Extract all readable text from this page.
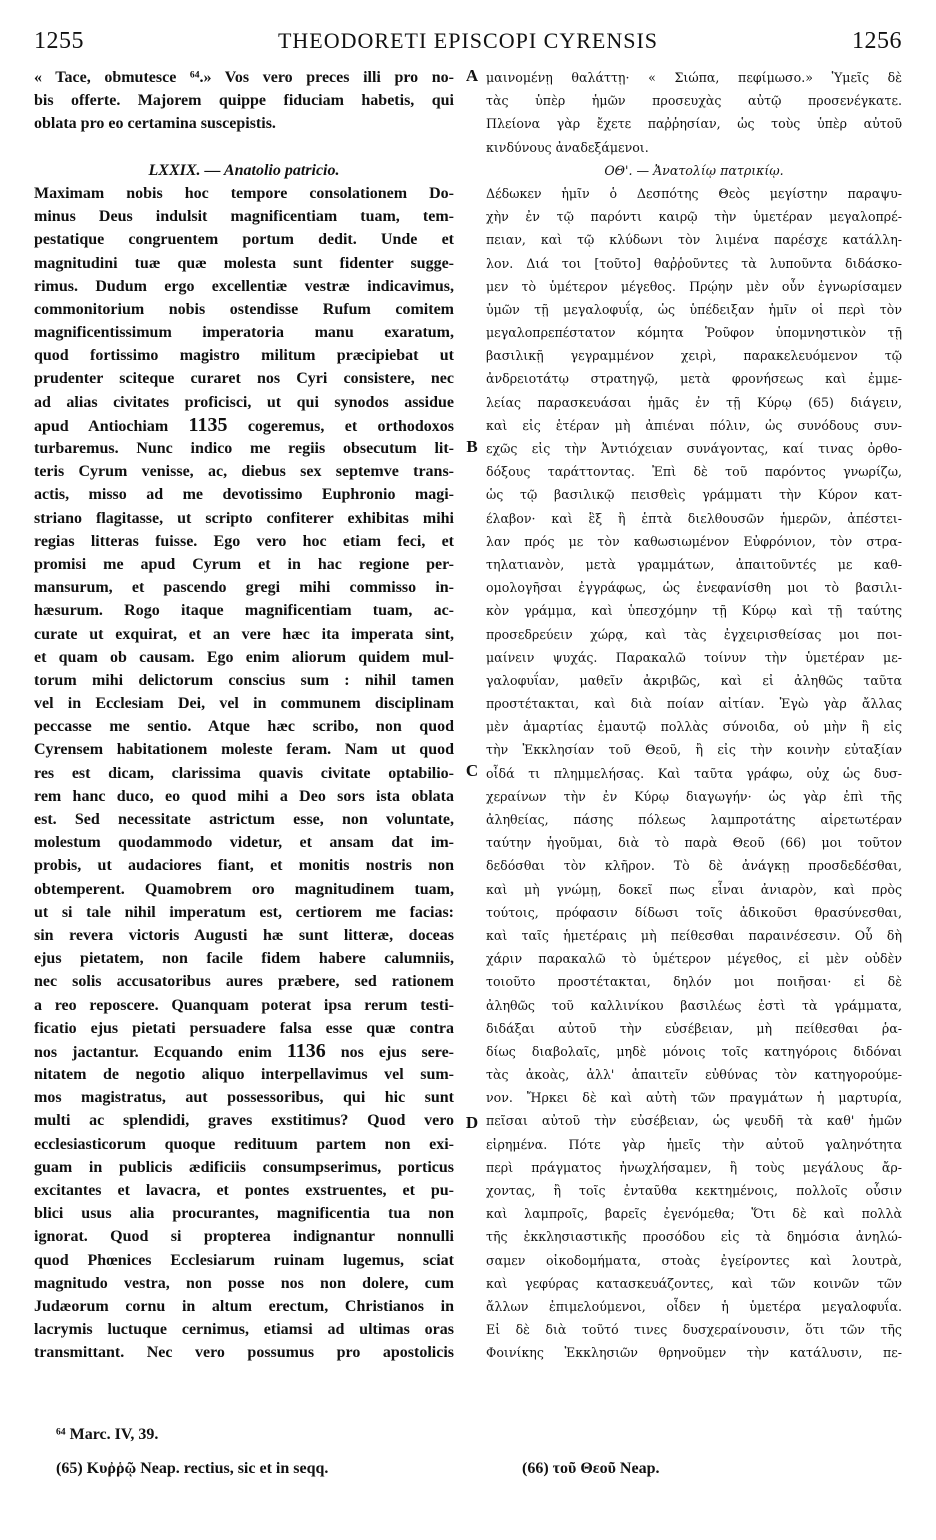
1255	THEODORETI EPISCOPI CYRENSIS	1256
« Tace, obmutesce ⁶⁴.» Vos vero preces illi pro no-
bis offerte. Majorem quippe fiduciam habetis, qui
oblata pro eo certamina suscepistis.
LXXIX. — Anatolio patricio.
Maximam nobis hoc tempore consolationem Do-
minus Deus indulsit magnificentiam tuam, tem-
pestatique congruentem portum dedit. Unde et
magnitudini tuæ quæ molesta sunt fidenter sugge-
rimus. Dudum ergo excellentiæ vestræ indicavimus,
commonitorium nobis ostendisse Rufum comitem
magnificentissimum imperatoria manu exaratum,
quod fortissimo magistro militum præcipiebat ut
prudenter sciteque curaret nos Cyri consistere, nec
ad alias civitates proficisci, ut qui synodos assidue
apud Antiochiam 1135 cogeremus, et orthodoxos
turbaremus. Nunc indico me regiis obsecutum lit-
teris Cyrum venisse, ac, diebus sex septemve trans-
actis, misso ad me devotissimo Euphronio magi-
striano flagitasse, ut scripto confiterer exhibitas mihi
regias litteras fuisse. Ego vero hoc etiam feci, et
promisi me apud Cyrum et in hac regione per-
mansurum, et pascendo gregi mihi commisso in-
hæsurum. Rogo itaque magnificentiam tuam, ac-
curate ut exquirat, et an vere hæc ita imperata sint,
et quam ob causam. Ego enim aliorum quidem mul-
torum mihi delictorum conscius sum : nihil tamen
vel in Ecclesiam Dei, vel in communem disciplinam
peccasse me sentio. Atque hæc scribo, non quod
Cyrensem habitationem moleste feram. Nam ut quod
res est dicam, clarissima quavis civitate optabilio-
rem hanc duco, eo quod mihi a Deo sors ista oblata
est. Sed necessitate astrictum esse, non voluntate,
molestum quodammodo videtur, et ansam dat im-
probis, ut audaciores fiant, et monitis nostris non
obtemperent. Quamobrem oro magnitudinem tuam,
ut si tale nihil imperatum est, certiorem me facias:
sin revera victoris Augusti hæ sunt litteræ, doceas
ejus pietatem, non facile fidem habere calumniis,
nec solis accusatoribus aures præbere, sed rationem
a reo reposcere. Quanquam poterat ipsa rerum testi-
ficatio ejus pietati persuadere falsa esse quæ contra
nos jactantur. Ecquando enim 1136 nos ejus sere-
nitatem de negotio aliquo interpellavimus vel sum-
mos magistratus, aut possessoribus, qui hic sunt
multi ac splendidi, graves exstitimus? Quod vero
ecclesiasticorum quoque redituum partem non exi-
guam in publicis ædificiis consumpserimus, porticus
excitantes et lavacra, et pontes exstruentes, et pu-
blici usus alia procurantes, magnificentia tua non
ignorat. Quod si propterea indignantur nonnulli
quod Phœnices Ecclesiarum ruinam lugemus, sciat
magnitudo vestra, non posse nos non dolere, cum
Judæorum cornu in altum erectum, Christianos in
lacrymis luctuque cernimus, etiamsi ad ultimas oras
transmittant. Nec vero possumus pro apostolicis
μαινομένῃ θαλάττῃ· « Σιώπα, πεφίμωσο.» Ὑμεῖς δὲ
τὰς ὑπὲρ ἡμῶν προσευχὰς αὐτῷ προσενέγκατε.
Πλείονα γὰρ ἔχετε παῤῥησίαν, ὡς τοὺς ὑπὲρ αὐτοῦ
κινδύνους ἀναδεξάμενοι.
ΟΘ'. — Ἀνατολίῳ πατρικίῳ.
Δέδωκεν ἡμῖν ὁ Δεσπότης Θεὸς μεγίστην παραψυ-
χὴν ἐν τῷ παρόντι καιρῷ τὴν ὑμετέραν μεγαλοπρέ-
πειαν, καὶ τῷ κλύδωνι τὸν λιμένα παρέσχε κατάλλη-
λον. Διά τοι [τοῦτο] θαῤῥοῦντες τὰ λυποῦντα διδάσκο-
μεν τὸ ὑμέτερον μέγεθος. Πρῴην μὲν οὖν ἐγνωρίσαμεν
ὑμῶν τῇ μεγαλοφυΐᾳ, ὡς ὑπέδειξαν ἡμῖν οἱ περὶ τὸν
μεγαλοπρεπέστατον κόμητα Ῥοῦφον ὑπομνηστικὸν τῇ
βασιλικῇ γεγραμμένον χειρὶ, παρακελευόμενον τῷ
ἀνδρειοτάτῳ στρατηγῷ, μετὰ φρονήσεως καὶ ἐμμε-
λείας παρασκευάσαι ἡμᾶς ἐν τῇ Κύρῳ (65) διάγειν,
καὶ εἰς ἑτέραν μὴ ἀπιέναι πόλιν, ὡς συνόδους συν-
εχῶς εἰς τὴν Ἀντιόχειαν συνάγοντας, καί τινας ὀρθο-
δόξους ταράττοντας. Ἐπὶ δὲ τοῦ παρόντος γνωρίζω,
ὡς τῷ βασιλικῷ πεισθεὶς γράμματι τὴν Κύρον κατ-
έλαβον· καὶ ἓξ ἢ ἑπτὰ διελθουσῶν ἡμερῶν, ἀπέστει-
λαν πρός με τὸν καθωσιωμένον Εὐφρόνιον, τὸν στρα-
τηλατιανὸν, μετὰ γραμμάτων, ἀπαιτοῦντές με καθ-
ομολογῆσαι ἐγγράφως, ὡς ἐνεφανίσθη μοι τὸ βασιλι-
κὸν γράμμα, καὶ ὑπεσχόμην τῇ Κύρῳ καὶ τῇ ταύτης
προσεδρεύειν χώρᾳ, καὶ τὰς ἐγχειρισθείσας μοι ποι-
μαίνειν ψυχάς. Παρακαλῶ τοίνυν τὴν ὑμετέραν με-
γαλοφυΐαν, μαθεῖν ἀκριβῶς, καὶ εἰ ἀληθῶς ταῦτα
προστέτακται, καὶ διὰ ποίαν αἰτίαν. Ἐγὼ γὰρ ἄλλας
μὲν ἁμαρτίας ἐμαυτῷ πολλὰς σύνοιδα, οὐ μὴν ἢ εἰς
τὴν Ἐκκλησίαν τοῦ Θεοῦ, ἢ εἰς τὴν κοινὴν εὐταξίαν
οἶδά τι πλημμελήσας. Καὶ ταῦτα γράφω, οὐχ ὡς δυσ-
χεραίνων τὴν ἐν Κύρῳ διαγωγήν· ὡς γὰρ ἐπὶ τῆς
ἀληθείας, πάσης πόλεως λαμπροτάτης αἱρετωτέραν
ταύτην ἡγοῦμαι, διὰ τὸ παρὰ Θεοῦ (66) μοι τοῦτον
δεδόσθαι τὸν κλῆρον. Τὸ δὲ ἀνάγκῃ προσδεδέσθαι,
καὶ μὴ γνώμῃ, δοκεῖ πως εἶναι ἀνιαρὸν, καὶ πρὸς
τούτοις, πρόφασιν δίδωσι τοῖς ἀδικοῦσι θρασύνεσθαι,
καὶ ταῖς ἡμετέραις μὴ πείθεσθαι παραινέσεσιν. Οὗ δὴ
χάριν παρακαλῶ τὸ ὑμέτερον μέγεθος, εἰ μὲν οὐδὲν
τοιοῦτο προστέτακται, δηλόν μοι ποιῆσαι· εἰ δὲ
ἀληθῶς τοῦ καλλινίκου βασιλέως ἐστὶ τὰ γράμματα,
διδάξαι αὐτοῦ τὴν εὐσέβειαν, μὴ πείθεσθαι ῥα-
δίως διαβολαῖς, μηδὲ μόνοις τοῖς κατηγόροις διδόναι
τὰς ἀκοὰς, ἀλλ' ἀπαιτεῖν εὐθύνας τὸν κατηγορούμε-
νον. Ἤρκει δὲ καὶ αὐτὴ τῶν πραγμάτων ἡ μαρτυρία,
πεῖσαι αὐτοῦ τὴν εὐσέβειαν, ὡς ψευδῆ τὰ καθ' ἡμῶν
εἰρημένα. Πότε γὰρ ἡμεῖς τὴν αὐτοῦ γαληνότητα
περὶ πράγματος ἠνωχλήσαμεν, ἢ τοὺς μεγάλους ἄρ-
χοντας, ἢ τοῖς ἐνταῦθα κεκτημένοις, πολλοῖς οὖσιν
καὶ λαμπροῖς, βαρεῖς ἐγενόμεθα; Ὅτι δὲ καὶ πολλὰ
τῆς ἐκκλησιαστικῆς προσόδου εἰς τὰ δημόσια ἀνηλώ-
σαμεν οἰκοδομήματα, στοὰς ἐγείροντες καὶ λουτρὰ,
καὶ γεφύρας κατασκευάζοντες, καὶ τῶν κοινῶν τῶν
ἄλλων ἐπιμελούμενοι, οἶδεν ἡ ὑμετέρα μεγαλοφυΐα.
Εἰ δὲ διὰ τοῦτό τινες δυσχεραίνουσιν, ὅτι τῶν τῆς
Φοινίκης Ἐκκλησιῶν θρηνοῦμεν τὴν κατάλυσιν, πε-
A
B
C
D
⁶⁴ Marc. IV, 39.
(65) Κυῤῥῷ Neap. rectius, sic et in seqq.	(66) τοῦ Θεοῦ Neap.
